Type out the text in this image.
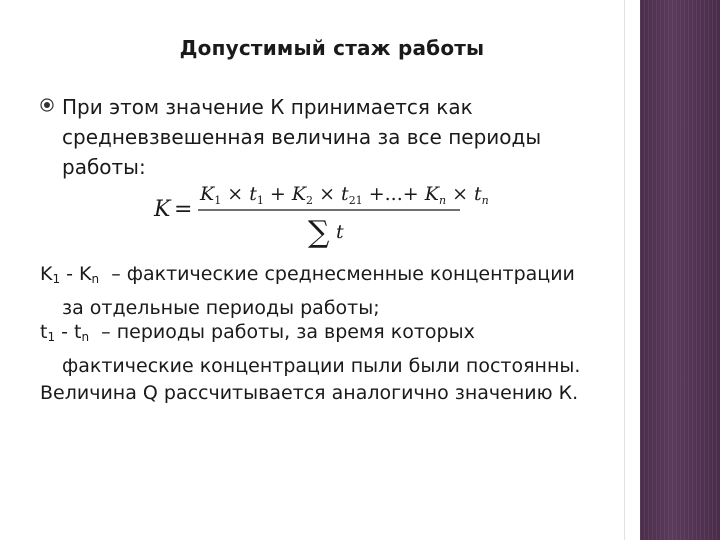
Допустимый стаж работы
При этом значение К принимается как средневзвешенная величина за все периоды работы:
K =
$K_1 \times t_1 + K_2 \times t_{21}$ +...+ $K_n \times t_n$
∑ t
$K_1 - K_n$  – фактические среднесменные концентрации
за отдельные периоды работы;
$t_1 - t_n$  – периоды работы, за время которых
фактические концентрации пыли были постоянны.
Величина Q рассчитывается аналогично значению К.
